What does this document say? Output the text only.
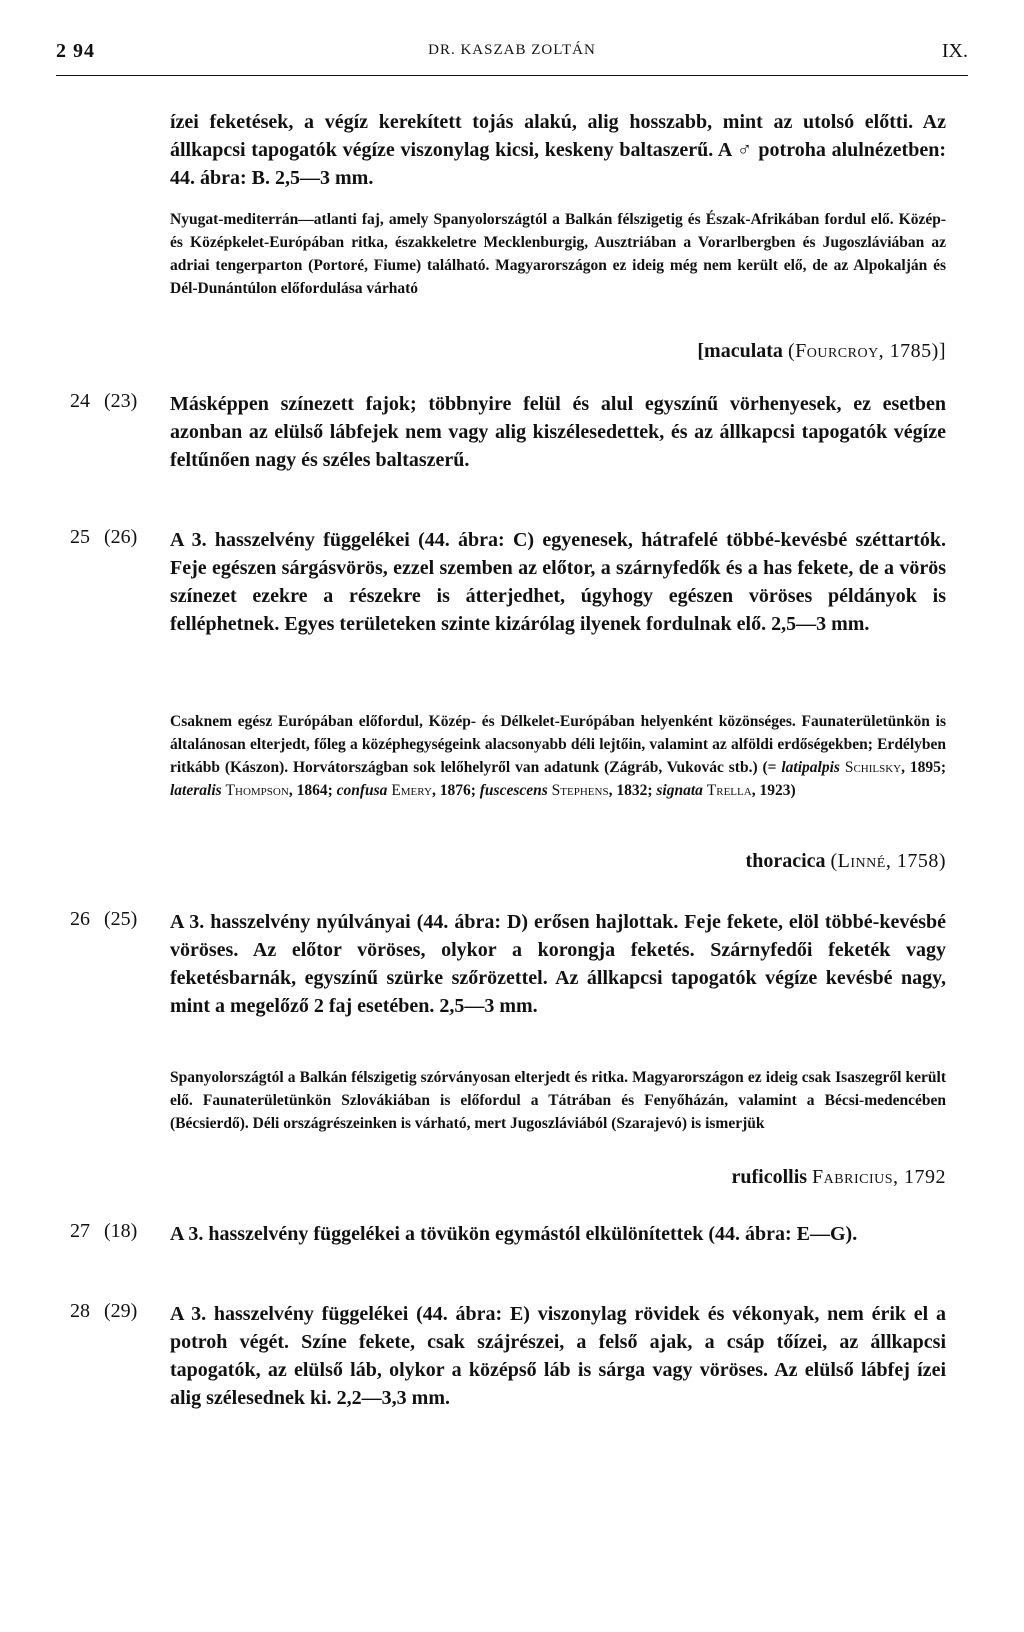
2 94	DR. KASZAB ZOLTÁN	IX.

ízei feketések, a végíz kerekített tojás alakú, alig hosszabb, mint az utolsó előtti. Az állkapcsi tapogatók végíze viszonylag kicsi, keskeny baltaszerű. A ♂ potroha alulnézetben: 44. ábra: B. 2,5—3 mm.

Nyugat-mediterrán—atlanti faj, amely Spanyolországtól a Balkán félszigetig és Észak-Afrikában fordul elő. Közép- és Középkelet-Európában ritka, északkeletre Mecklenburgig, Ausztriában a Vorarlbergben és Jugoszláviában az adriai tengerparton (Portoré, Fiume) található. Magyarországon ez ideig még nem került elő, de az Alpokalján és Dél-Dunántúlon előfordulása várható

[maculata (Fourcroy, 1785)]
24 (23) Másképpen színezett fajok; többnyire felül és alul egyszínű vörhenyesek, ez esetben azonban az elülső lábfejek nem vagy alig kiszélesedettek, és az állkapcsi tapogatók végíze feltűnően nagy és széles baltaszerű.

25 (26) A 3. hasszelvény függelékei (44. ábra: C) egyenesek, hátrafelé többé-kevésbé széttartók. Feje egészen sárgásvörös, ezzel szemben az előtor, a szárnyfedők és a has fekete, de a vörös színezet ezekre a részekre is átterjedhet, úgyhogy egészen vöröses példányok is felléphetnek. Egyes területeken szinte kizárólag ilyenek fordulnak elő. 2,5—3 mm.

Csaknem egész Európában előfordul, Közép- és Délkelet-Európában helyenként közönséges. Faunaterületünkön is általánosan elterjedt, főleg a középhegységeink alacsonyabb déli lejtőin, valamint az alföldi erdőségekben; Erdélyben ritkább (Kászon). Horvátországban sok lelőhelyről van adatunk (Zágráb, Vukovác stb.) (= latipalpis Schilsky, 1895; lateralis Thompson, 1864; confusa Emery, 1876; fuscescens Stephens, 1832; signata Trella, 1923)

thoracica (Linné, 1758)
26 (25) A 3. hasszelvény nyúlványai (44. ábra: D) erősen hajlottak. Feje fekete, elöl többé-kevésbé vöröses. Az előtor vöröses, olykor a korongja feketés. Szárnyfedői feketék vagy feketésbarnák, egyszínű szürke szőrözettel. Az állkapcsi tapogatók végíze kevésbé nagy, mint a megelőző 2 faj esetében. 2,5—3 mm.

Spanyolországtól a Balkán félszigetig szórványosan elterjedt és ritka. Magyarországon ez ideig csak Isaszegről került elő. Faunaterületünkön Szlovákiában is előfordul a Tátrában és Fenyőházán, valamint a Bécsi-medencében (Bécsierdő). Déli országrészeinken is várható, mert Jugoszláviából (Szarajevó) is ismerjük

ruficollis Fabricius, 1792
27 (18) A 3. hasszelvény függelékei a tövükön egymástól elkülönítettek (44. ábra: E—G).

28 (29) A 3. hasszelvény függelékei (44. ábra: E) viszonylag rövidek és vékonyak, nem érik el a potroh végét. Színe fekete, csak szájrészei, a felső ajak, a csáp tőízei, az állkapcsi tapogatók, az elülső láb, olykor a középső láb is sárga vagy vöröses. Az elülső lábfej ízei alig szélesednek ki. 2,2—3,3 mm.
